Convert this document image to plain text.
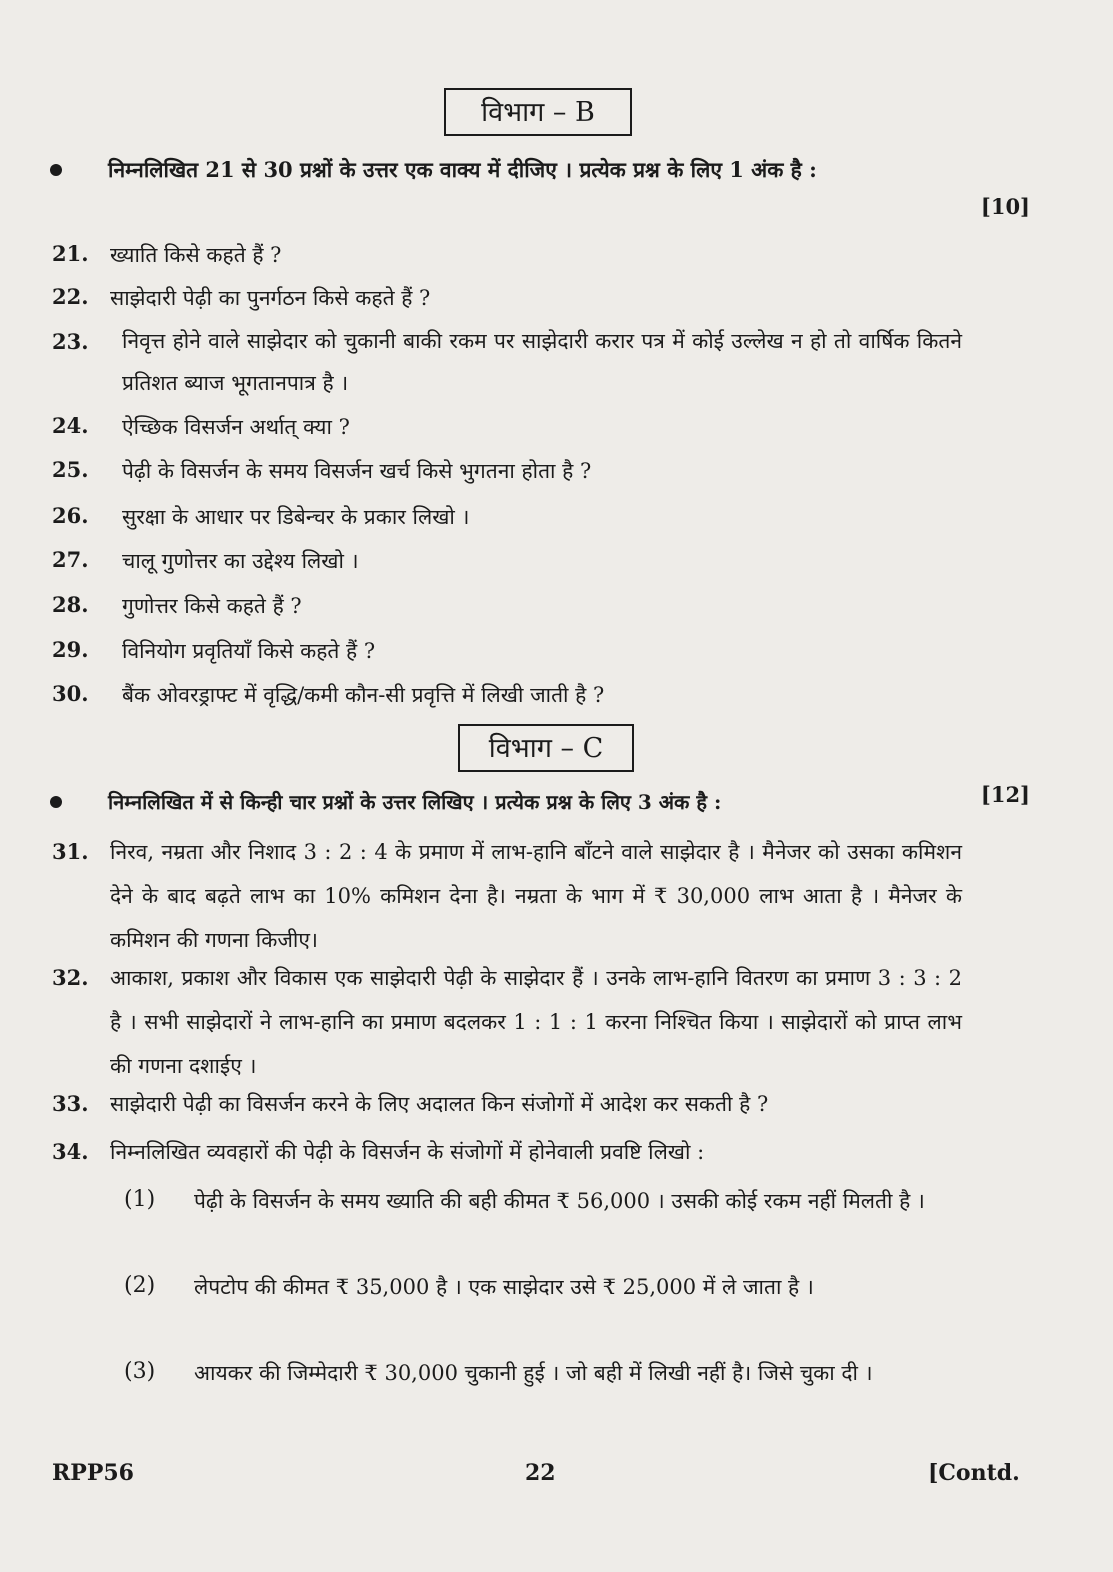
विभाग – B
निम्नलिखित 21 से 30 प्रश्नों के उत्तर एक वाक्य में दीजिए । प्रत्येक प्रश्न के लिए 1 अंक है :
[10]
21. ख्याति किसे कहते हैं ?
22. साझेदारी पेढ़ी का पुनर्गठन किसे कहते हैं ?
23. निवृत्त होने वाले साझेदार को चुकानी बाकी रकम पर साझेदारी करार पत्र में कोई उल्लेख न हो तो वार्षिक कितने प्रतिशत ब्याज भूगतानपात्र है ।
24. ऐच्छिक विसर्जन अर्थात् क्या ?
25. पेढ़ी के विसर्जन के समय विसर्जन खर्च किसे भुगतना होता है ?
26. सुरक्षा के आधार पर डिबेन्चर के प्रकार लिखो ।
27. चालू गुणोत्तर का उद्देश्य लिखो ।
28. गुणोत्तर किसे कहते हैं ?
29. विनियोग प्रवृतियाँ किसे कहते हैं ?
30. बैंक ओवरड्राफ्ट में वृद्धि/कमी कौन-सी प्रवृत्ति में लिखी जाती है ?
विभाग – C
निम्नलिखित में से किन्ही चार प्रश्नों के उत्तर लिखिए । प्रत्येक प्रश्न के लिए 3 अंक है :	[12]
31. निरव, नम्रता और निशाद 3 : 2 : 4 के प्रमाण में लाभ-हानि बाँटने वाले साझेदार है । मैनेजर को उसका कमिशन देने के बाद बढ़ते लाभ का 10% कमिशन देना है। नम्रता के भाग में ₹ 30,000 लाभ आता है । मैनेजर के कमिशन की गणना किजीए।
32. आकाश, प्रकाश और विकास एक साझेदारी पेढ़ी के साझेदार हैं । उनके लाभ-हानि वितरण का प्रमाण 3 : 3 : 2 है । सभी साझेदारों ने लाभ-हानि का प्रमाण बदलकर 1 : 1 : 1 करना निश्चित किया । साझेदारों को प्राप्त लाभ की गणना दशाईए ।
33. साझेदारी पेढ़ी का विसर्जन करने के लिए अदालत किन संजोगों में आदेश कर सकती है ?
34. निम्नलिखित व्यवहारों की पेढ़ी के विसर्जन के संजोगों में होनेवाली प्रवष्टि लिखो :
(1) पेढ़ी के विसर्जन के समय ख्याति की बही कीमत ₹ 56,000 । उसकी कोई रकम नहीं मिलती है ।
(2) लेपटोप की कीमत ₹ 35,000 है । एक साझेदार उसे ₹ 25,000 में ले जाता है ।
(3) आयकर की जिम्मेदारी ₹ 30,000 चुकानी हुई । जो बही में लिखी नहीं है। जिसे चुका दी ।
RPP56	22	[Contd.
